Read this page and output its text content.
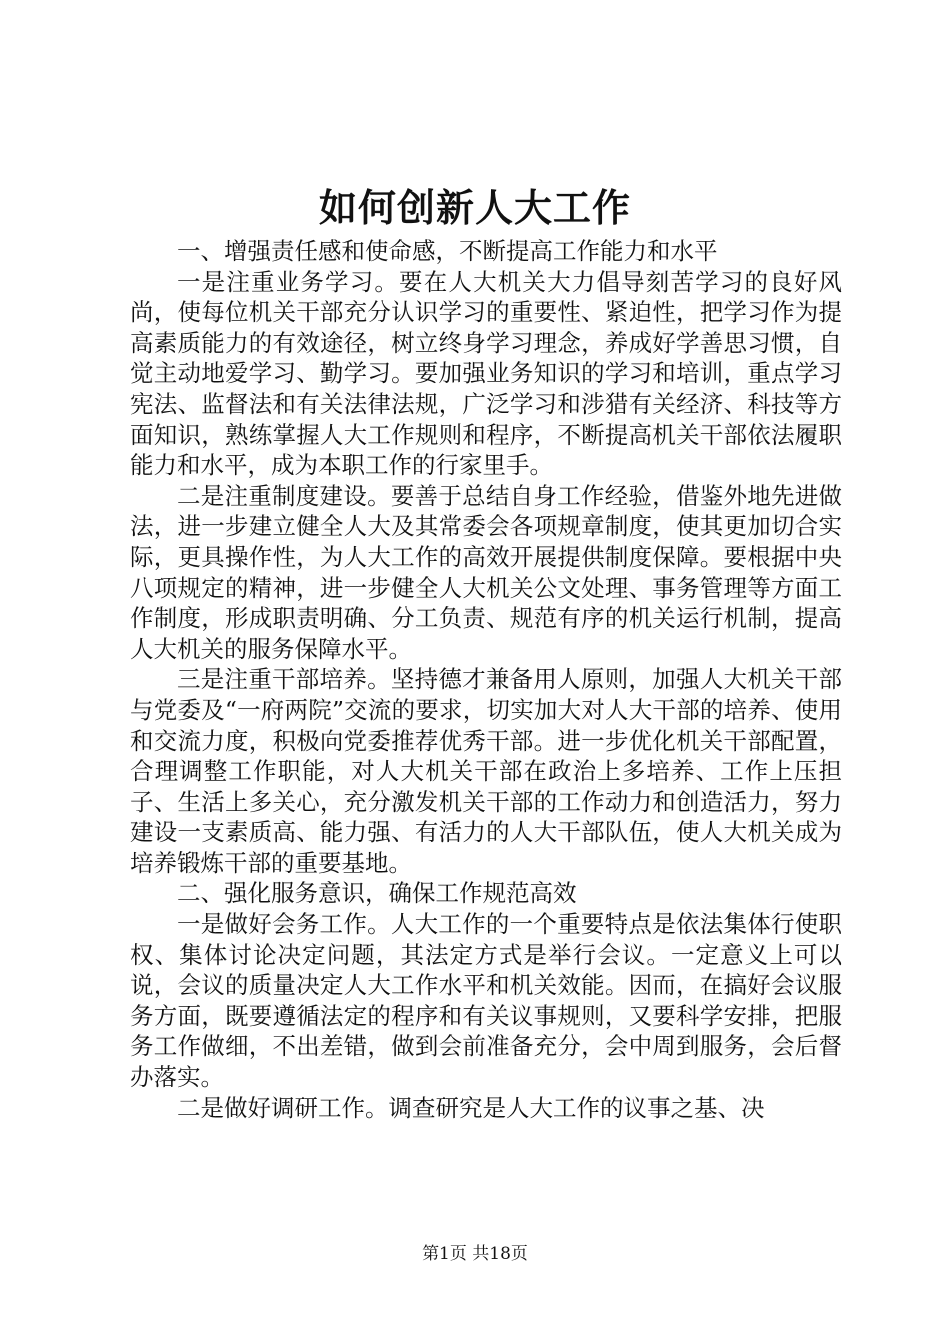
如何创新人大工作

一、增强责任感和使命感，不断提高工作能力和水平

一是注重业务学习。要在人大机关大力倡导刻苦学习的良好风尚，使每位机关干部充分认识学习的重要性、紧迫性，把学习作为提高素质能力的有效途径，树立终身学习理念，养成好学善思习惯，自觉主动地爱学习、勤学习。要加强业务知识的学习和培训，重点学习宪法、监督法和有关法律法规，广泛学习和涉猎有关经济、科技等方面知识，熟练掌握人大工作规则和程序，不断提高机关干部依法履职能力和水平，成为本职工作的行家里手。

二是注重制度建设。要善于总结自身工作经验，借鉴外地先进做法，进一步建立健全人大及其常委会各项规章制度，使其更加切合实际，更具操作性，为人大工作的高效开展提供制度保障。要根据中央八项规定的精神，进一步健全人大机关公文处理、事务管理等方面工作制度，形成职责明确、分工负责、规范有序的机关运行机制，提高人大机关的服务保障水平。

三是注重干部培养。坚持德才兼备用人原则，加强人大机关干部与党委及“一府两院”交流的要求，切实加大对人大干部的培养、使用和交流力度，积极向党委推荐优秀干部。进一步优化机关干部配置，合理调整工作职能，对人大机关干部在政治上多培养、工作上压担子、生活上多关心，充分激发机关干部的工作动力和创造活力，努力建设一支素质高、能力强、有活力的人大干部队伍，使人大机关成为培养锻炼干部的重要基地。

二、强化服务意识，确保工作规范高效

一是做好会务工作。人大工作的一个重要特点是依法集体行使职权、集体讨论决定问题，其法定方式是举行会议。一定意义上可以说，会议的质量决定人大工作水平和机关效能。因而，在搞好会议服务方面，既要遵循法定的程序和有关议事规则，又要科学安排，把服务工作做细，不出差错，做到会前准备充分，会中周到服务，会后督办落实。

二是做好调研工作。调查研究是人大工作的议事之基、决

第1页 共18页
